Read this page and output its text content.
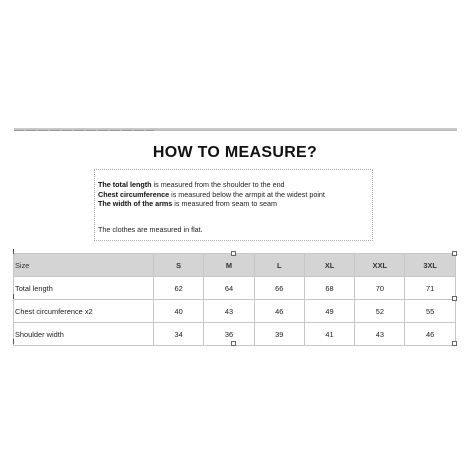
HOW TO MEASURE?
The total length is measured from the shoulder to the end
Chest circumference is measured below the armpit at the widest point
The width of the arms is measured from seam to seam
The clothes are measured in flat.
Size	S	M	L	XL	XXL	3XL
Total length	62	64	66	68	70	71
Chest circumference x2	40	43	46	49	52	55
Shoulder width	34	36	39	41	43	46
